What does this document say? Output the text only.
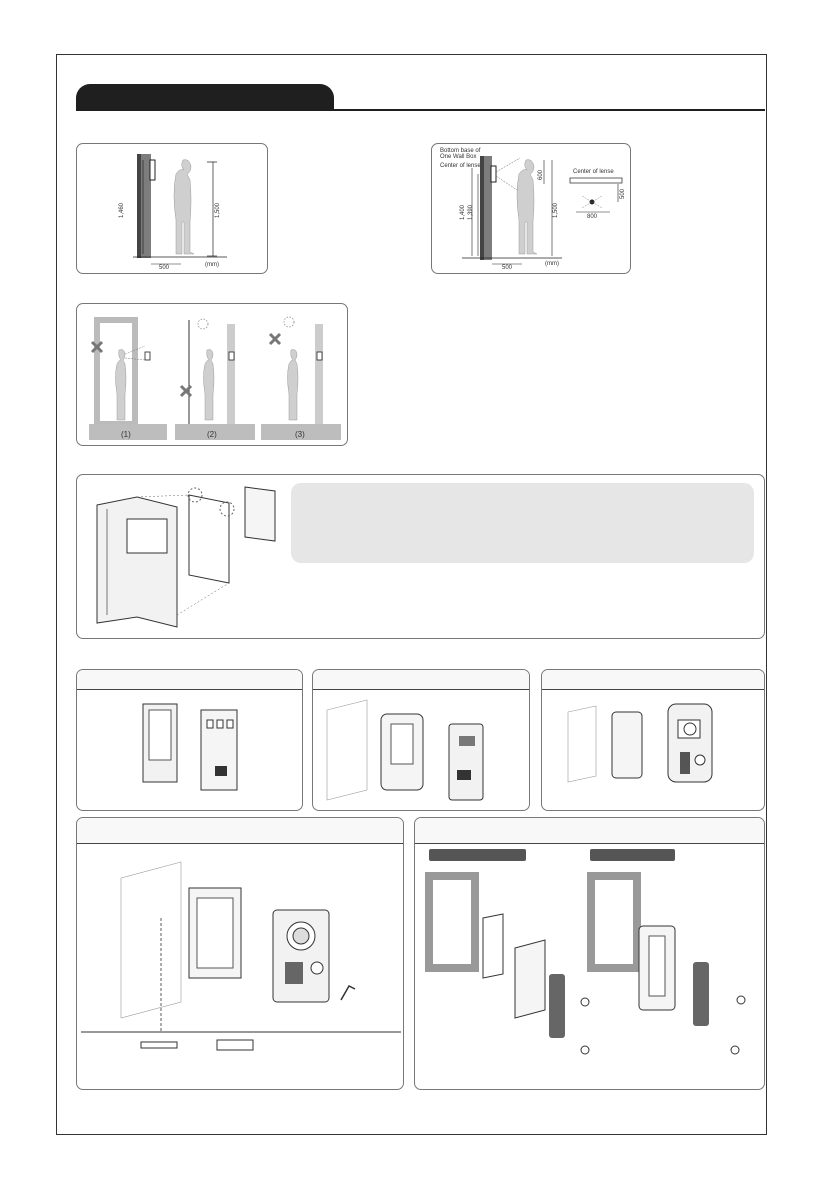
1,460	1,500
500	(mm)
Bottom base of
One Wall Box
Center of lense
1,400 1,390
600
1,500
500
(mm)
Center of lense
500
800
(1)	(2)	(3)
